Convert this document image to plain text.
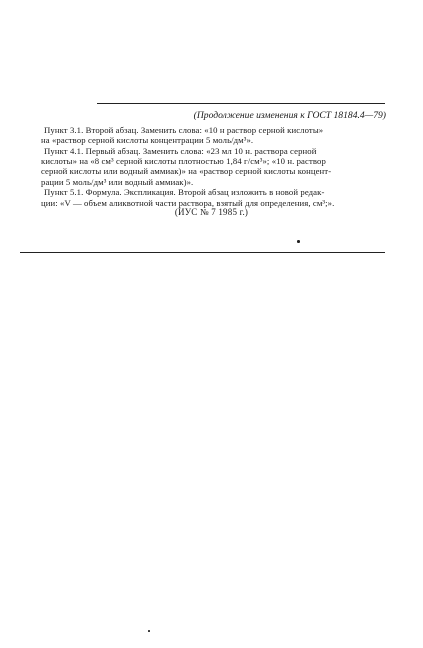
(Продолжение изменения к ГОСТ 18184.4—79)

Пункт 3.1. Второй абзац. Заменить слова: «10 н раствор серной кислоты»
на «раствор серной кислоты концентрации 5 моль/дм³».

Пункт 4.1. Первый абзац. Заменить слова: «23 мл 10 н. раствора серной
кислоты» на «8 см³ серной кислоты плотностью 1,84 г/см³»; «10 н. раствор
серной кислоты или водный аммиак)» на «раствор серной кислоты концент-
рации 5 моль/дм³ или водный аммиак)».

Пункт 5.1. Формула. Экспликация. Второй абзац изложить в новой редак-
ции: «V — объем аликвотной части раствора, взятый для определения, см³;».

(ИУС № 7 1985 г.)
